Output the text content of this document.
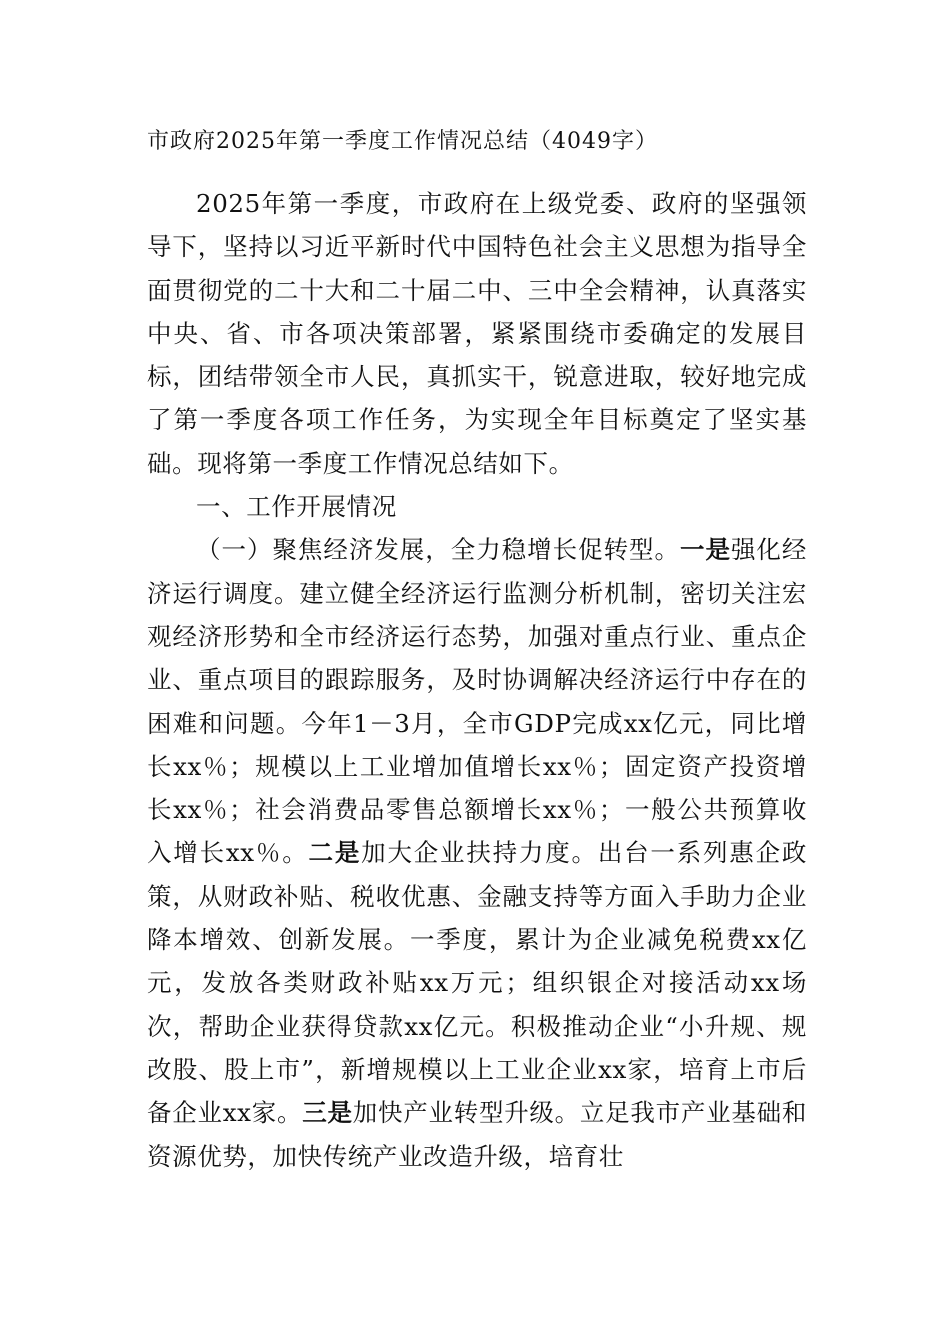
市政府2025年第一季度工作情况总结（4049字）

2025年第一季度，市政府在上级党委、政府的坚强领导下，坚持以习近平新时代中国特色社会主义思想为指导全面贯彻党的二十大和二十届二中、三中全会精神，认真落实中央、省、市各项决策部署，紧紧围绕市委确定的发展目标，团结带领全市人民，真抓实干，锐意进取，较好地完成了第一季度各项工作任务，为实现全年目标奠定了坚实基础。现将第一季度工作情况总结如下。

一、工作开展情况

（一）聚焦经济发展，全力稳增长促转型。一是强化经济运行调度。建立健全经济运行监测分析机制，密切关注宏观经济形势和全市经济运行态势，加强对重点行业、重点企业、重点项目的跟踪服务，及时协调解决经济运行中存在的困难和问题。今年1－3月，全市GDP完成xx亿元，同比增长xx％；规模以上工业增加值增长xx％；固定资产投资增长xx％；社会消费品零售总额增长xx％；一般公共预算收入增长xx％。二是加大企业扶持力度。出台一系列惠企政策，从财政补贴、税收优惠、金融支持等方面入手助力企业降本增效、创新发展。一季度，累计为企业减免税费xx亿元，发放各类财政补贴xx万元；组织银企对接活动xx场次，帮助企业获得贷款xx亿元。积极推动企业“小升规、规改股、股上市”，新增规模以上工业企业xx家，培育上市后备企业xx家。三是加快产业转型升级。立足我市产业基础和资源优势，加快传统产业改造升级，培育壮
